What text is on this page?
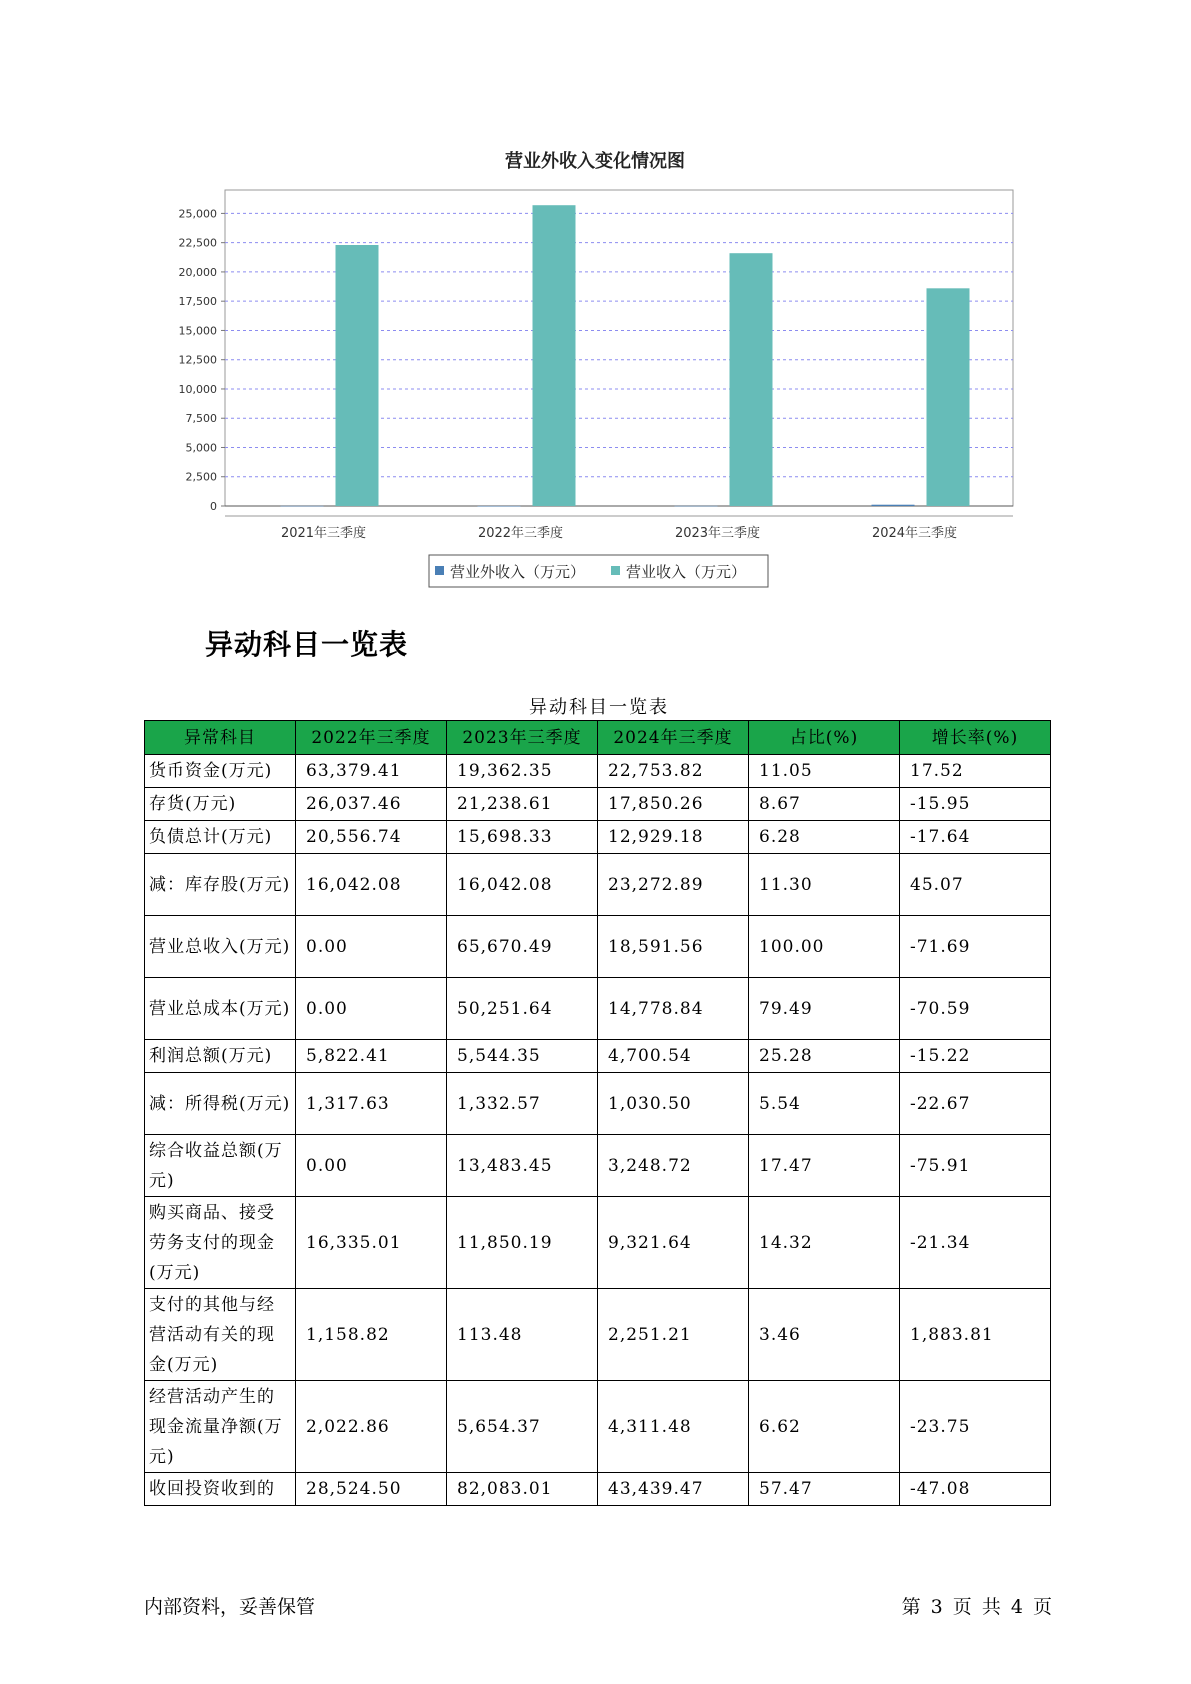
营业外收入变化情况图
0
2,500
5,000
7,500
10,000
12,500
15,000
17,500
20,000
22,500
25,000
2021年三季度	2022年三季度	2023年三季度	2024年三季度
营业外收入（万元）	营业收入（万元）
异动科目一览表
异动科目一览表
异常科目	2022年三季度	2023年三季度	2024年三季度	占比(%)	增长率(%)
货币资金(万元)	63,379.41	19,362.35	22,753.82	11.05	17.52
存货(万元)	26,037.46	21,238.61	17,850.26	8.67	-15.95
负债总计(万元)	20,556.74	15,698.33	12,929.18	6.28	-17.64
减：库存股(万元)	16,042.08	16,042.08	23,272.89	11.30	45.07
营业总收入(万元)	0.00	65,670.49	18,591.56	100.00	-71.69
营业总成本(万元)	0.00	50,251.64	14,778.84	79.49	-70.59
利润总额(万元)	5,822.41	5,544.35	4,700.54	25.28	-15.22
减：所得税(万元)	1,317.63	1,332.57	1,030.50	5.54	-22.67
综合收益总额(万元)	0.00	13,483.45	3,248.72	17.47	-75.91
购买商品、接受劳务支付的现金(万元)	16,335.01	11,850.19	9,321.64	14.32	-21.34
支付的其他与经营活动有关的现金(万元)	1,158.82	113.48	2,251.21	3.46	1,883.81
经营活动产生的现金流量净额(万元)	2,022.86	5,654.37	4,311.48	6.62	-23.75
收回投资收到的	28,524.50	82,083.01	43,439.47	57.47	-47.08
内部资料，妥善保管	第 3 页 共 4 页
